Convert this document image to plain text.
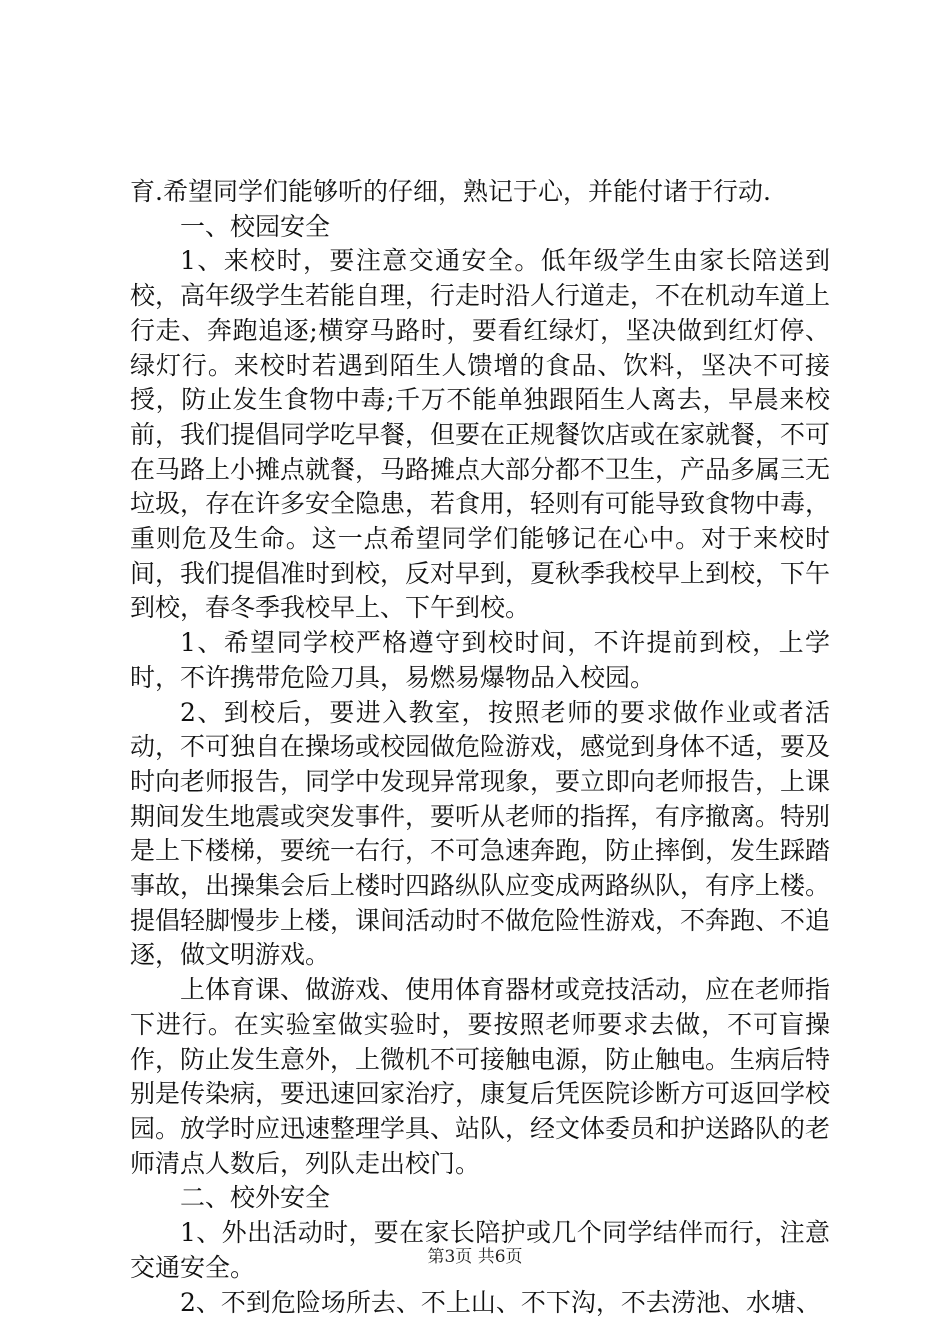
育.希望同学们能够听的仔细，熟记于心，并能付诸于行动.

一、校园安全

1、来校时，要注意交通安全。低年级学生由家长陪送到校，高年级学生若能自理，行走时沿人行道走，不在机动车道上行走、奔跑追逐;横穿马路时，要看红绿灯，坚决做到红灯停、绿灯行。来校时若遇到陌生人馈增的食品、饮料，坚决不可接授，防止发生食物中毒;千万不能单独跟陌生人离去，早晨来校前，我们提倡同学吃早餐，但要在正规餐饮店或在家就餐，不可在马路上小摊点就餐，马路摊点大部分都不卫生，产品多属三无垃圾，存在许多安全隐患，若食用，轻则有可能导致食物中毒，重则危及生命。这一点希望同学们能够记在心中。对于来校时间，我们提倡准时到校，反对早到，夏秋季我校早上到校，下午到校，春冬季我校早上、下午到校。

1、希望同学校严格遵守到校时间，不许提前到校，上学时，不许携带危险刀具，易燃易爆物品入校园。

2、到校后，要进入教室，按照老师的要求做作业或者活动，不可独自在操场或校园做危险游戏，感觉到身体不适，要及时向老师报告，同学中发现异常现象，要立即向老师报告，上课期间发生地震或突发事件，要听从老师的指挥，有序撤离。特别是上下楼梯，要统一右行，不可急速奔跑，防止摔倒，发生踩踏事故，出操集会后上楼时四路纵队应变成两路纵队，有序上楼。提倡轻脚慢步上楼，课间活动时不做危险性游戏，不奔跑、不追逐，做文明游戏。

上体育课、做游戏、使用体育器材或竞技活动，应在老师指下进行。在实验室做实验时，要按照老师要求去做，不可盲操作，防止发生意外，上微机不可接触电源，防止触电。生病后特别是传染病，要迅速回家治疗，康复后凭医院诊断方可返回学校园。放学时应迅速整理学具、站队，经文体委员和护送路队的老师清点人数后，列队走出校门。

二、校外安全

1、外出活动时，要在家长陪护或几个同学结伴而行，注意交通安全。

2、不到危险场所去、不上山、不下沟，不去涝池、水塘、

第3页 共6页
